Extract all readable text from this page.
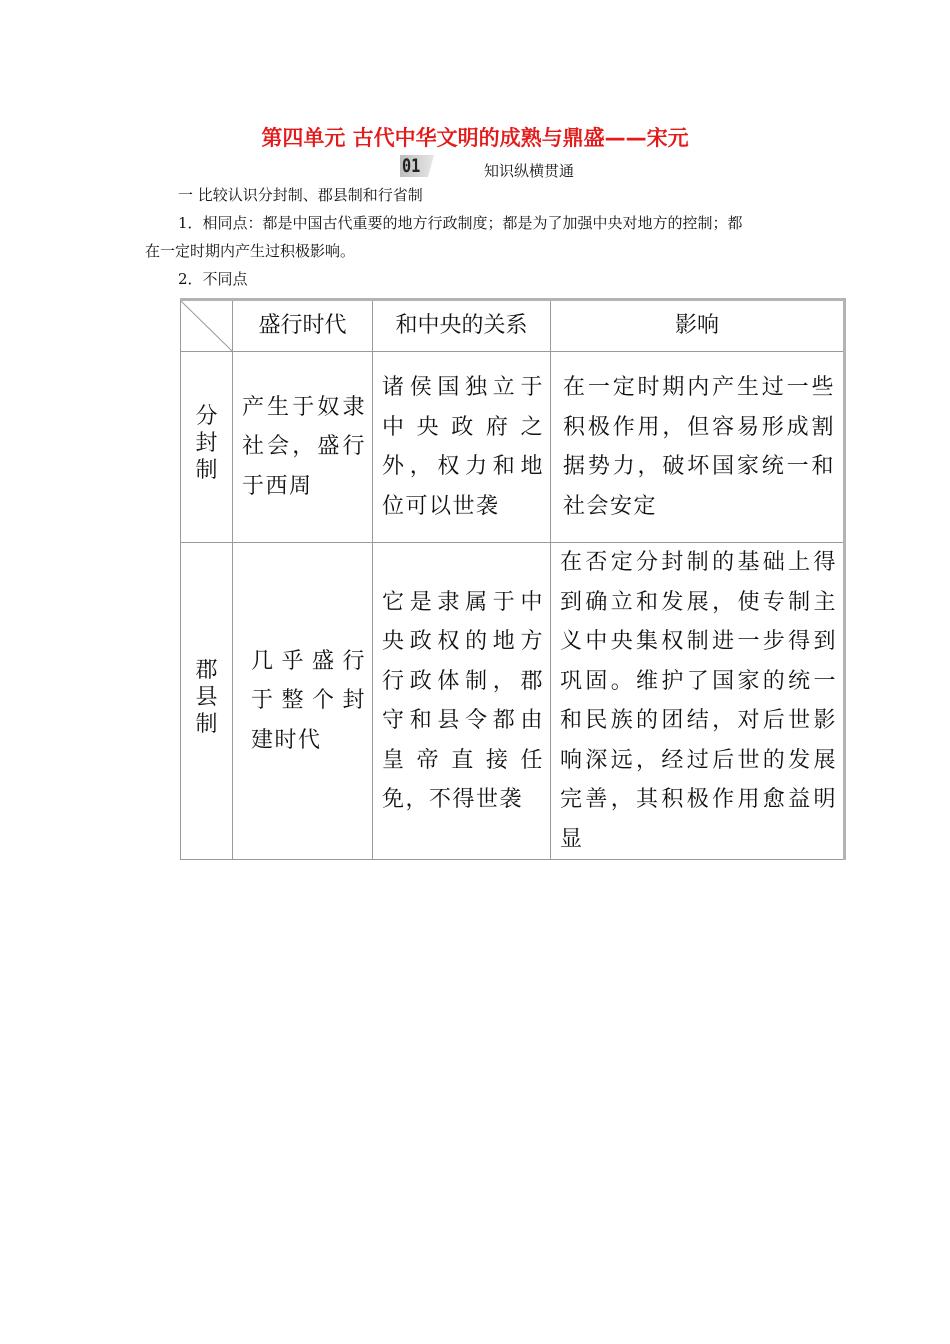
第四单元 古代中华文明的成熟与鼎盛——宋元
01	知识纵横贯通
一 比较认识分封制、郡县制和行省制
1．相同点：都是中国古代重要的地方行政制度；都是为了加强中央对地方的控制；都
在一定时期内产生过积极影响。
2．不同点
	盛行时代	和中央的关系	影响
分封制	产生于奴隶社会，盛行于西周	诸侯国独立于中央政府之外，权力和地位可以世袭	在一定时期内产生过一些积极作用，但容易形成割据势力，破坏国家统一和社会安定
郡县制	几乎盛行于整个封建时代	它是隶属于中央政权的地方行政体制，郡守和县令都由皇帝直接任免，不得世袭	在否定分封制的基础上得到确立和发展，使专制主义中央集权制进一步得到巩固。维护了国家的统一和民族的团结，对后世影响深远，经过后世的发展完善，其积极作用愈益明显
